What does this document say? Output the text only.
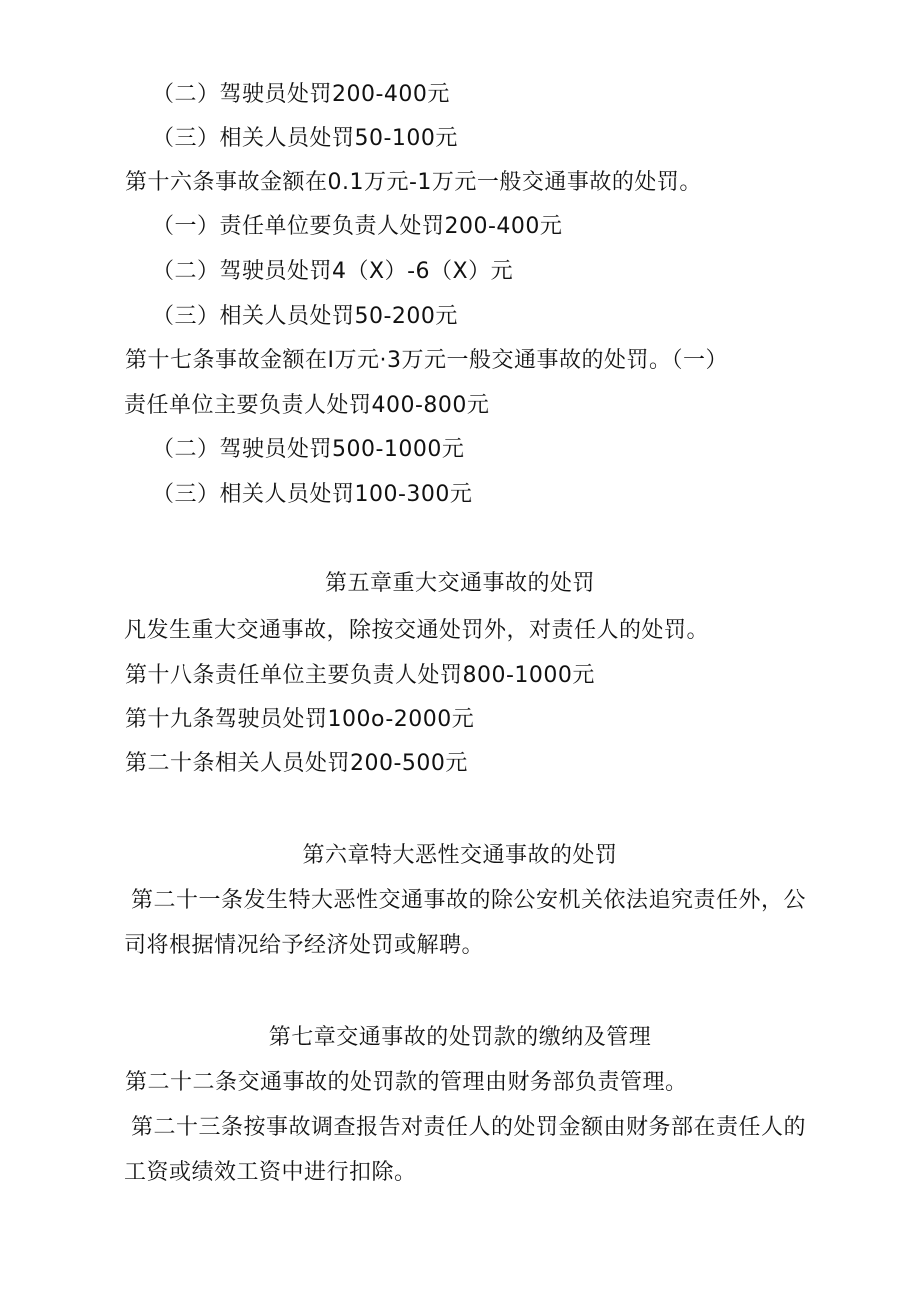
（二）驾驶员处罚200-400元
（三）相关人员处罚50-100元
第十六条事故金额在0.1万元-1万元一般交通事故的处罚。
（一）责任单位要负责人处罚200-400元
（二）驾驶员处罚4（X）-6（X）元
（三）相关人员处罚50-200元
第十七条事故金额在I万元·3万元一般交通事故的处罚。（一）
责任单位主要负责人处罚400-800元
（二）驾驶员处罚500-1000元
（三）相关人员处罚100-300元
第五章重大交通事故的处罚
凡发生重大交通事故，除按交通处罚外，对责任人的处罚。
第十八条责任单位主要负责人处罚800-1000元
第十九条驾驶员处罚100o-2000元
第二十条相关人员处罚200-500元
第六章特大恶性交通事故的处罚
第二十一条发生特大恶性交通事故的除公安机关依法追究责任外，公
司将根据情况给予经济处罚或解聘。
第七章交通事故的处罚款的缴纳及管理
第二十二条交通事故的处罚款的管理由财务部负责管理。
第二十三条按事故调查报告对责任人的处罚金额由财务部在责任人的
工资或绩效工资中进行扣除。
